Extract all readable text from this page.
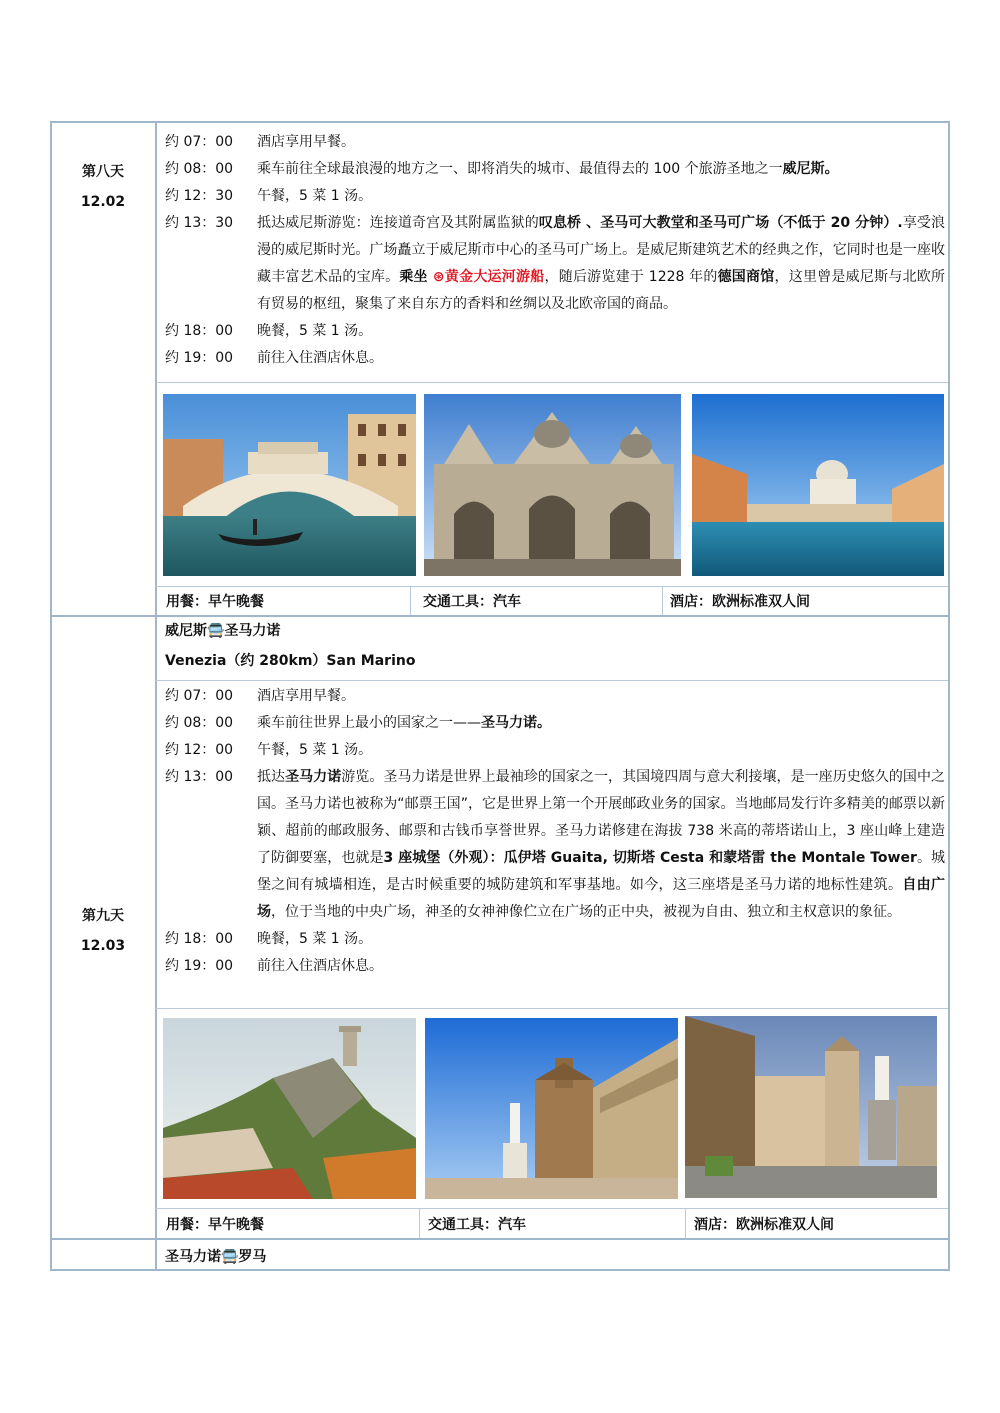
第八天
12.02
约 07：00 酒店享用早餐。
约 08：00 乘车前往全球最浪漫的地方之一、即将消失的城市、最值得去的 100 个旅游圣地之一威尼斯。
约 12：30 午餐，5 菜 1 汤。
约 13：30 抵达威尼斯游览：连接道奇宫及其附属监狱的叹息桥 、圣马可大教堂和圣马可广场（不低于 20 分钟）.享受浪漫的威尼斯时光。广场矗立于威尼斯市中心的圣马可广场上。是威尼斯建筑艺术的经典之作，它同时也是一座收藏丰富艺术品的宝库。乘坐 ⊛黄金大运河游船，随后游览建于 1228 年的德国商馆，这里曾是威尼斯与北欧所有贸易的枢纽，聚集了来自东方的香料和丝绸以及北欧帝国的商品。
约 18：00 晚餐，5 菜 1 汤。
约 19：00 前往入住酒店休息。
用餐：早午晚餐	交通工具：汽车	酒店：欧洲标准双人间
威尼斯🚍圣马力诺
Venezia（约 280km）San Marino
第九天
12.03
约 07：00 酒店享用早餐。
约 08：00 乘车前往世界上最小的国家之一——圣马力诺。
约 12：00 午餐，5 菜 1 汤。
约 13：00 抵达圣马力诺游览。圣马力诺是世界上最袖珍的国家之一，其国境四周与意大利接壤，是一座历史悠久的国中之国。圣马力诺也被称为“邮票王国”，它是世界上第一个开展邮政业务的国家。当地邮局发行许多精美的邮票以新颖、超前的邮政服务、邮票和古钱币享誉世界。圣马力诺修建在海拔 738 米高的蒂塔诺山上，3 座山峰上建造了防御要塞，也就是3 座城堡（外观）：瓜伊塔 Guaita, 切斯塔 Cesta 和蒙塔雷 the Montale Tower。城堡之间有城墙相连，是古时候重要的城防建筑和军事基地。如今，这三座塔是圣马力诺的地标性建筑。自由广场，位于当地的中央广场，神圣的女神神像伫立在广场的正中央，被视为自由、独立和主权意识的象征。
约 18：00 晚餐，5 菜 1 汤。
约 19：00 前往入住酒店休息。
用餐：早午晚餐	交通工具：汽车	酒店：欧洲标准双人间
圣马力诺🚍罗马
